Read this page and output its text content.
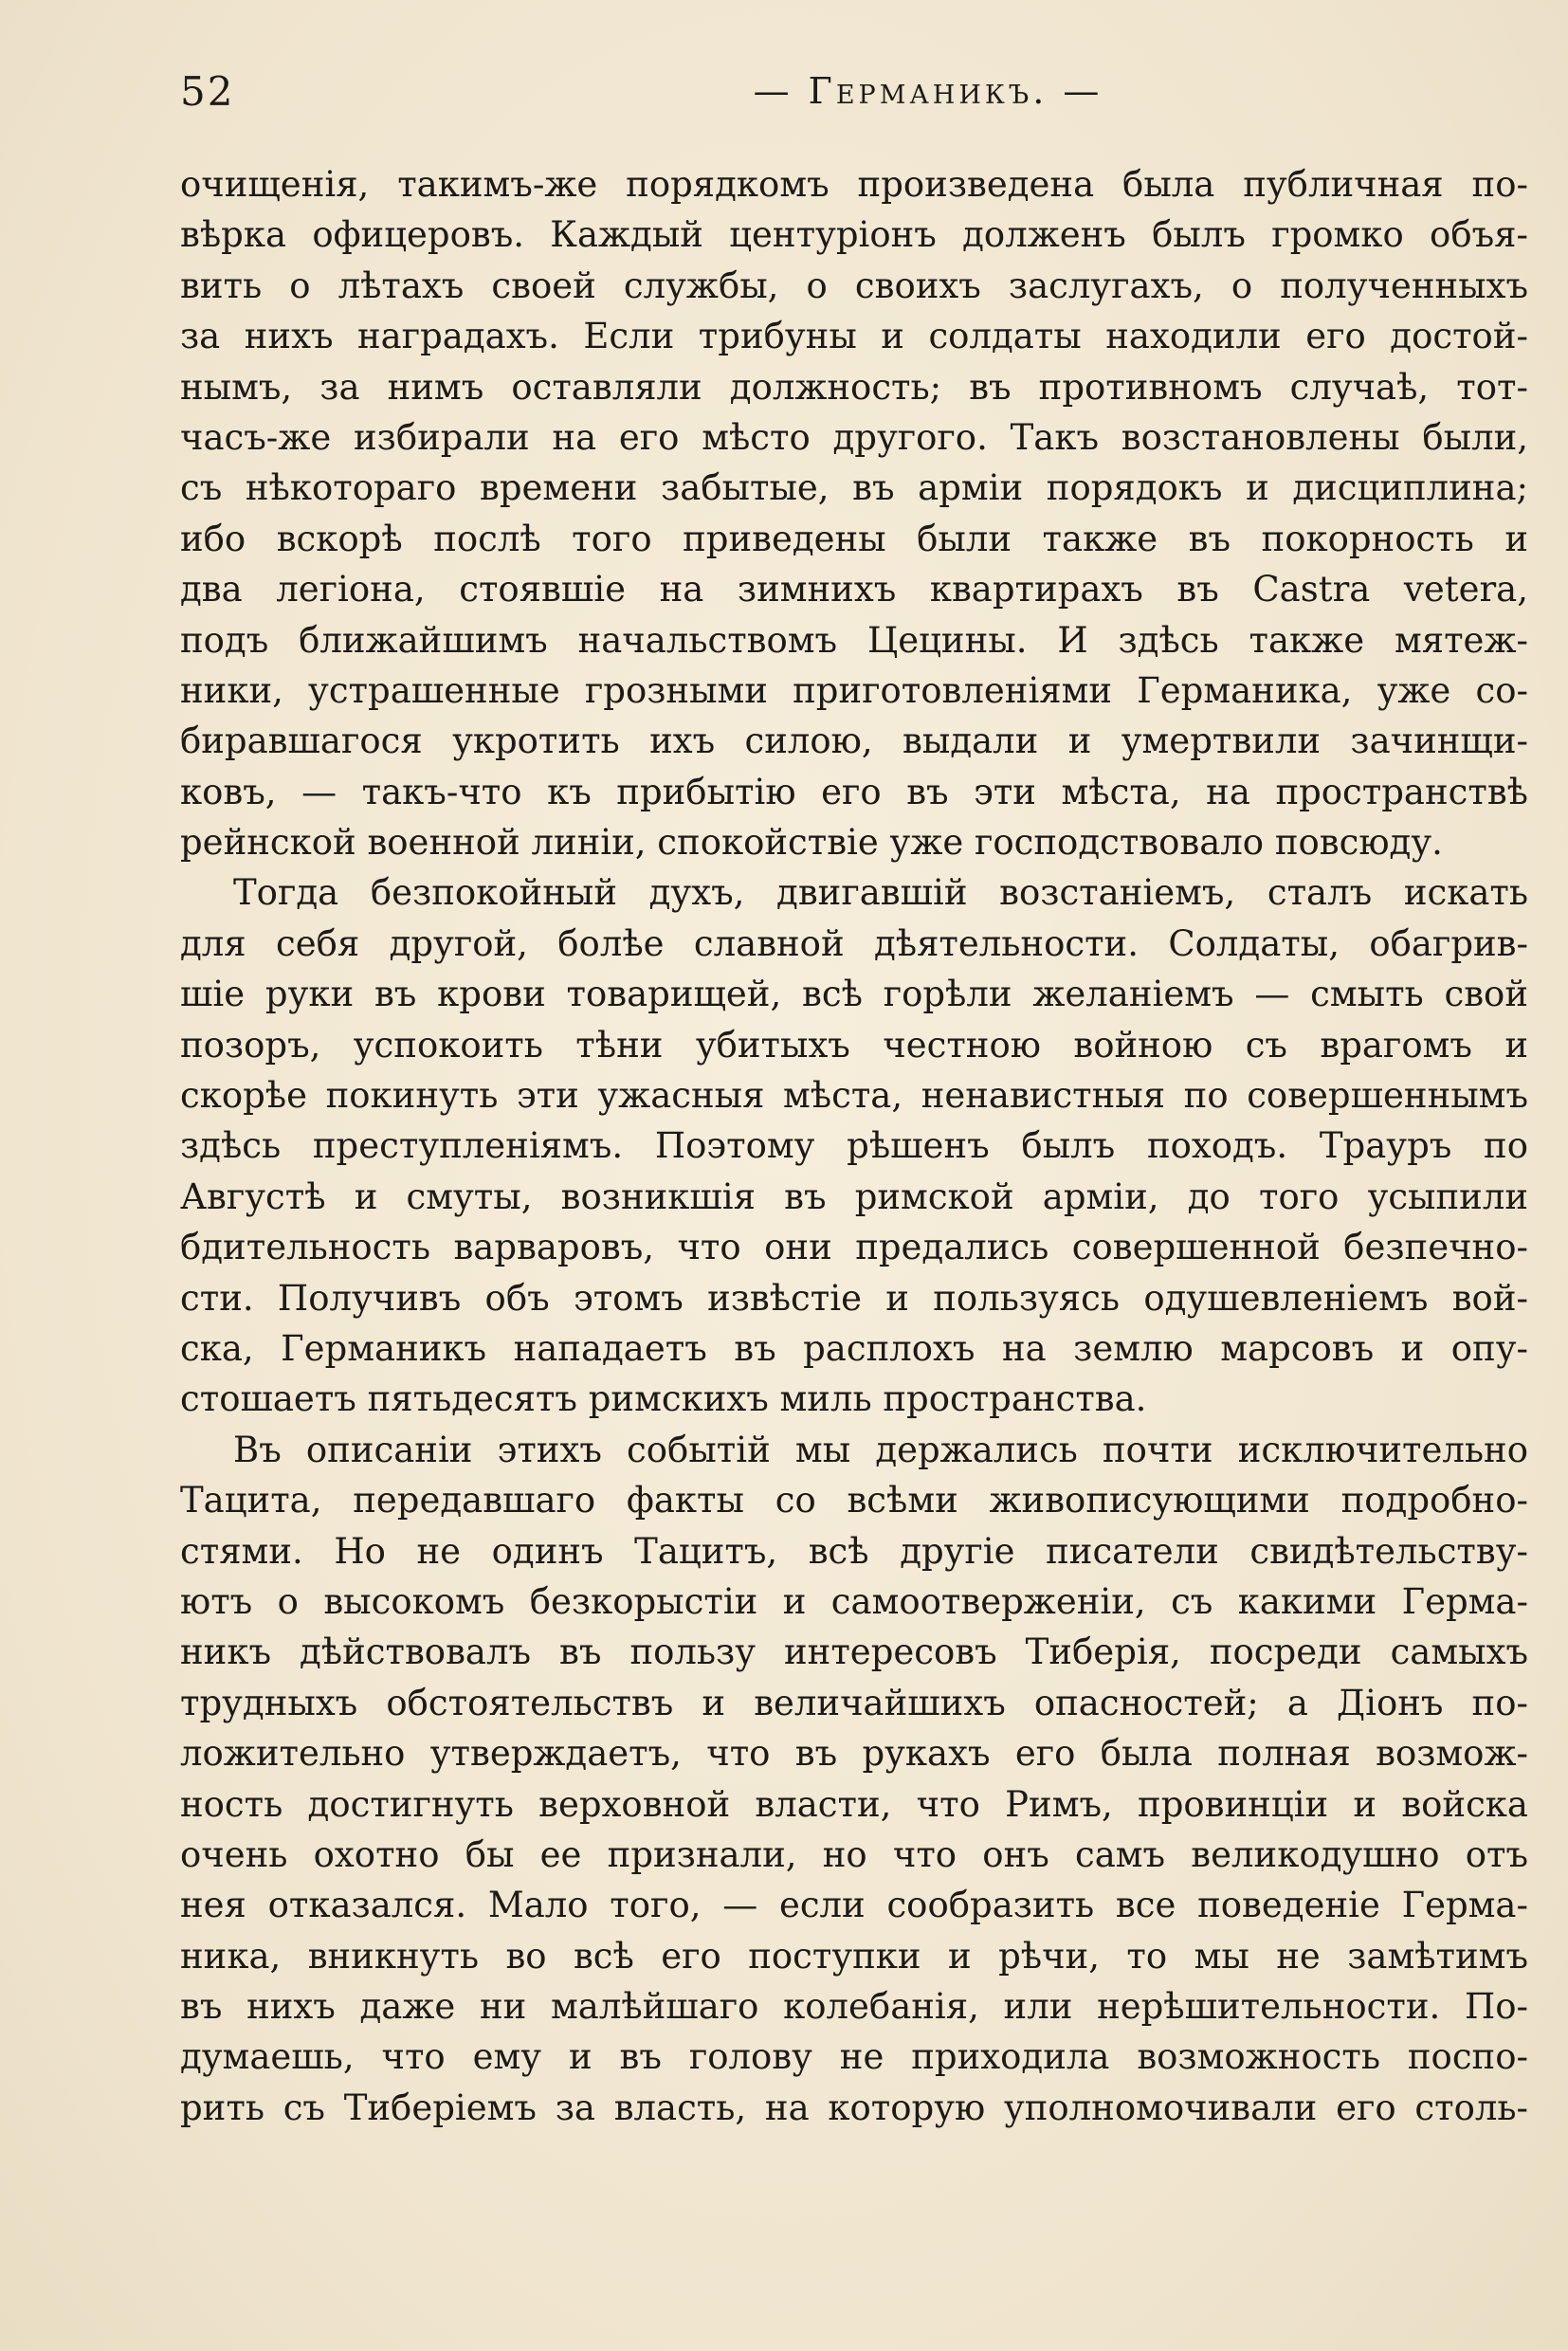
52	— Германикъ. —
очищенія, такимъ-же порядкомъ произведена была публичная по-
вѣрка офицеровъ. Каждый центуріонъ долженъ былъ громко объя-
вить о лѣтахъ своей службы, о своихъ заслугахъ, о полученныхъ
за нихъ наградахъ. Если трибуны и солдаты находили его достой-
нымъ, за нимъ оставляли должность; въ противномъ случаѣ, тот-
часъ-же избирали на его мѣсто другого. Такъ возстановлены были,
съ нѣкотораго времени забытые, въ арміи порядокъ и дисциплина;
ибо вскорѣ послѣ того приведены были также въ покорность и
два легіона, стоявшіе на зимнихъ квартирахъ въ Castra vetera,
подъ ближайшимъ начальствомъ Цецины. И здѣсь также мятеж-
ники, устрашенные грозными приготовленіями Германика, уже со-
биравшагося укротить ихъ силою, выдали и умертвили зачинщи-
ковъ, — такъ-что къ прибытію его въ эти мѣста, на пространствѣ
рейнской военной линіи, спокойствіе уже господствовало повсюду.
Тогда безпокойный духъ, двигавшій возстаніемъ, сталъ искать
для себя другой, болѣе славной дѣятельности. Солдаты, обагрив-
шіе руки въ крови товарищей, всѣ горѣли желаніемъ — смыть свой
позоръ, успокоить тѣни убитыхъ честною войною съ врагомъ и
скорѣе покинуть эти ужасныя мѣста, ненавистныя по совершеннымъ
здѣсь преступленіямъ. Поэтому рѣшенъ былъ походъ. Трауръ по
Августѣ и смуты, возникшія въ римской арміи, до того усыпили
бдительность варваровъ, что они предались совершенной безпечно-
сти. Получивъ объ этомъ извѣстіе и пользуясь одушевленіемъ вой-
ска, Германикъ нападаетъ въ расплохъ на землю марсовъ и опу-
стошаетъ пятьдесятъ римскихъ миль пространства.
Въ описаніи этихъ событій мы держались почти исключительно
Тацита, передавшаго факты со всѣми живописующими подробно-
стями. Но не одинъ Тацитъ, всѣ другіе писатели свидѣтельству-
ютъ о высокомъ безкорыстіи и самоотверженіи, съ какими Герма-
никъ дѣйствовалъ въ пользу интересовъ Тиберія, посреди самыхъ
трудныхъ обстоятельствъ и величайшихъ опасностей; а Діонъ по-
ложительно утверждаетъ, что въ рукахъ его была полная возмож-
ность достигнуть верховной власти, что Римъ, провинціи и войска
очень охотно бы ее признали, но что онъ самъ великодушно отъ
нея отказался. Мало того, — если сообразить все поведеніе Герма-
ника, вникнуть во всѣ его поступки и рѣчи, то мы не замѣтимъ
въ нихъ даже ни малѣйшаго колебанія, или нерѣшительности. По-
думаешь, что ему и въ голову не приходила возможность поспо-
рить съ Тиберіемъ за власть, на которую уполномочивали его столь-
